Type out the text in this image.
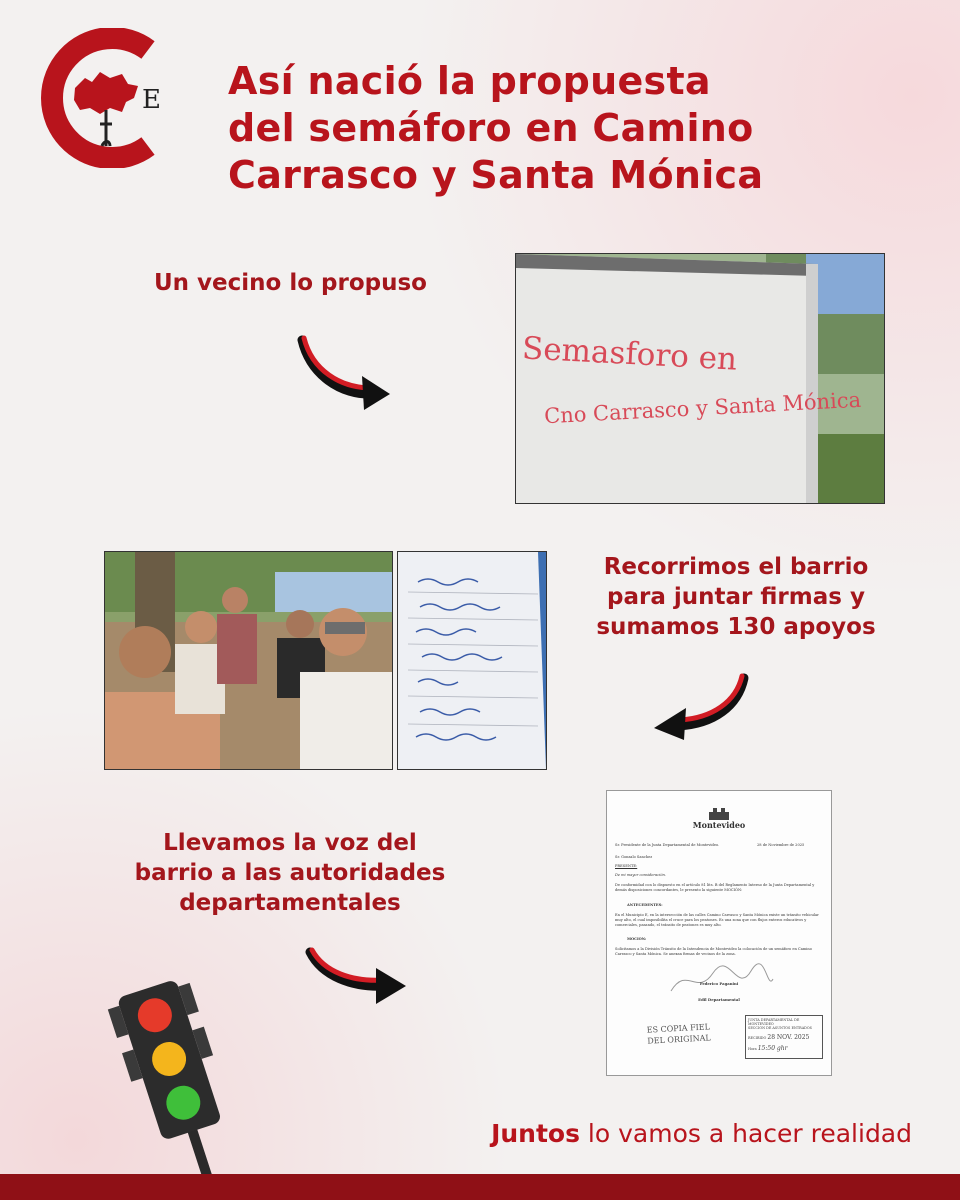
E Así nació la propuesta
del semáforo en Camino
Carrasco y Santa Mónica
Un vecino lo propuso
Semasforo en
Cno Carrasco y Santa Mónica
Recorrimos el barrio
para juntar firmas y
sumamos 130 apoyos
Llevamos la voz del
barrio a las autoridades
departamentales
Montevideo
Sr. Presidente de la Junta Departamental de Montevideo.	28 de Noviembre de 2025
Sr. Gonzalo Sanchez
PRESENTE:
De mi mayor consideración.
De conformidad con lo dispuesto en el artículo 81 lits. B del Reglamento Interno de la Junta Departamental y demás disposiciones concordantes, le presento la siguiente MOCIÓN:
ANTECEDENTES:
En el Municipio E, en la intersección de las calles Camino Carrasco y Santa Mónica existe un tránsito vehicular muy alto, el cual imposibilita el cruce para los peatones. Es una zona que con flujos enteros educativos y comerciales, pasando, el tránsito de peatones es muy alto.
MOCION:
Solicitamos a la División Tránsito de la Intendencia de Montevideo la colocación de un semáforo en Camino Carrasco y Santa Mónica. Se anexan firmas de vecinos de la zona.
Federico Paganini
Edil Departamental
ES COPIA FIEL
DEL ORIGINAL
JUNTA DEPARTAMENTAL DE MONTEVIDEO
SECCION DE ASUNTOS ENTRADOS
RECIBIDO 28 NOV. 2025
Hora 15:50 ghr
Juntos lo vamos a hacer realidad
